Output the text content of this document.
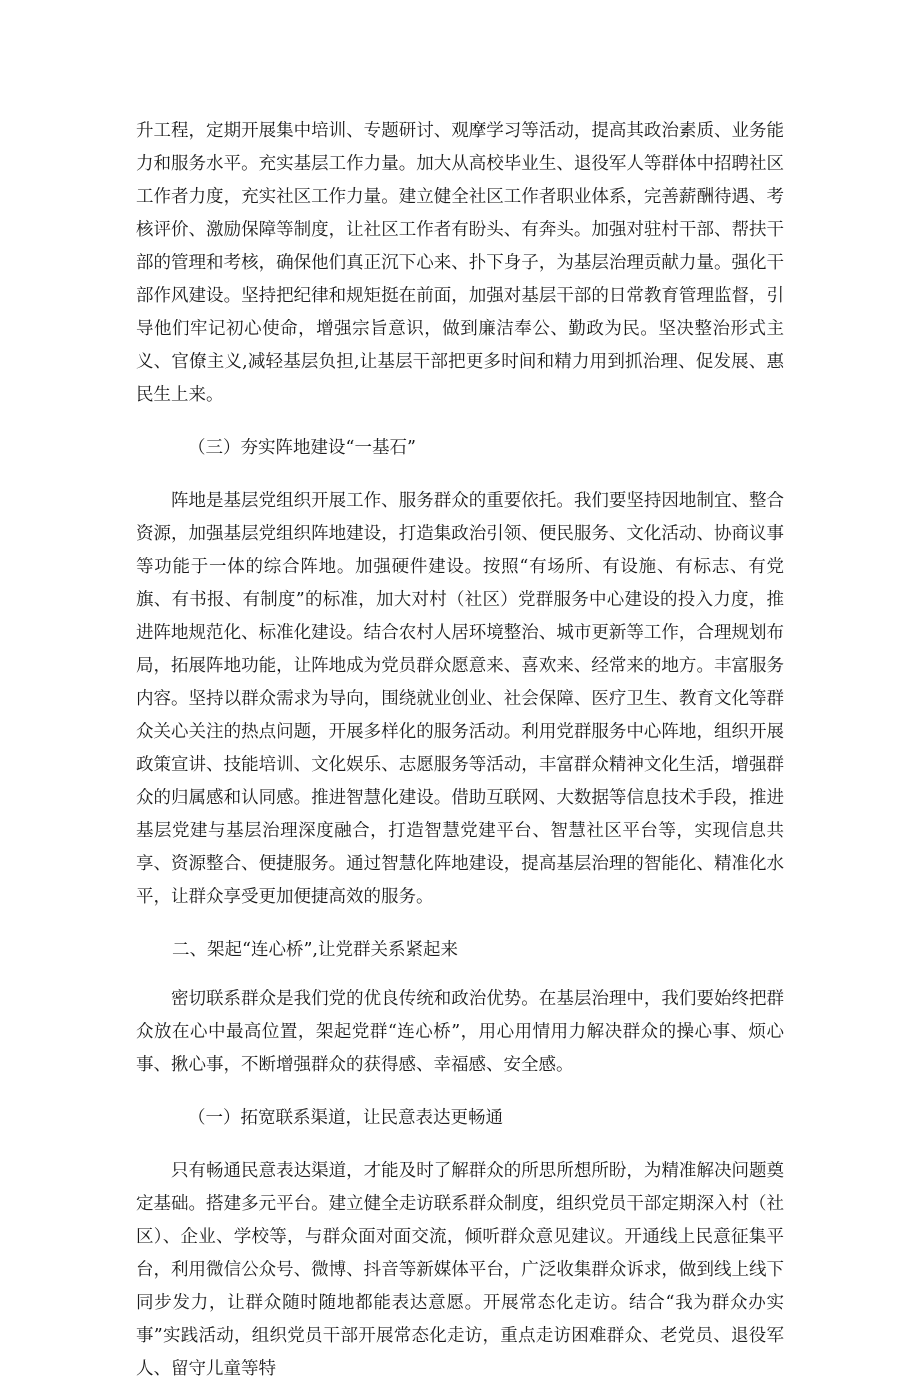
升工程，定期开展集中培训、专题研讨、观摩学习等活动，提高其政治素质、业务能力和服务水平。充实基层工作力量。加大从高校毕业生、退役军人等群体中招聘社区工作者力度，充实社区工作力量。建立健全社区工作者职业体系，完善薪酬待遇、考核评价、激励保障等制度，让社区工作者有盼头、有奔头。加强对驻村干部、帮扶干部的管理和考核，确保他们真正沉下心来、扑下身子，为基层治理贡献力量。强化干部作风建设。坚持把纪律和规矩挺在前面，加强对基层干部的日常教育管理监督，引导他们牢记初心使命，增强宗旨意识，做到廉洁奉公、勤政为民。坚决整治形式主义、官僚主义,减轻基层负担,让基层干部把更多时间和精力用到抓治理、促发展、惠民生上来。

（三）夯实阵地建设“一基石”

阵地是基层党组织开展工作、服务群众的重要依托。我们要坚持因地制宜、整合资源，加强基层党组织阵地建设，打造集政治引领、便民服务、文化活动、协商议事等功能于一体的综合阵地。加强硬件建设。按照“有场所、有设施、有标志、有党旗、有书报、有制度”的标准，加大对村（社区）党群服务中心建设的投入力度，推进阵地规范化、标准化建设。结合农村人居环境整治、城市更新等工作，合理规划布局，拓展阵地功能，让阵地成为党员群众愿意来、喜欢来、经常来的地方。丰富服务内容。坚持以群众需求为导向，围绕就业创业、社会保障、医疗卫生、教育文化等群众关心关注的热点问题，开展多样化的服务活动。利用党群服务中心阵地，组织开展政策宣讲、技能培训、文化娱乐、志愿服务等活动，丰富群众精神文化生活，增强群众的归属感和认同感。推进智慧化建设。借助互联网、大数据等信息技术手段，推进基层党建与基层治理深度融合，打造智慧党建平台、智慧社区平台等，实现信息共享、资源整合、便捷服务。通过智慧化阵地建设，提高基层治理的智能化、精准化水平，让群众享受更加便捷高效的服务。

二、架起“连心桥”,让党群关系紧起来

密切联系群众是我们党的优良传统和政治优势。在基层治理中，我们要始终把群众放在心中最高位置，架起党群“连心桥”，用心用情用力解决群众的操心事、烦心事、揪心事，不断增强群众的获得感、幸福感、安全感。

（一）拓宽联系渠道，让民意表达更畅通

只有畅通民意表达渠道，才能及时了解群众的所思所想所盼，为精准解决问题奠定基础。搭建多元平台。建立健全走访联系群众制度，组织党员干部定期深入村（社区）、企业、学校等，与群众面对面交流，倾听群众意见建议。开通线上民意征集平台，利用微信公众号、微博、抖音等新媒体平台，广泛收集群众诉求，做到线上线下同步发力，让群众随时随地都能表达意愿。开展常态化走访。结合“我为群众办实事”实践活动，组织党员干部开展常态化走访，重点走访困难群众、老党员、退役军人、留守儿童等特
